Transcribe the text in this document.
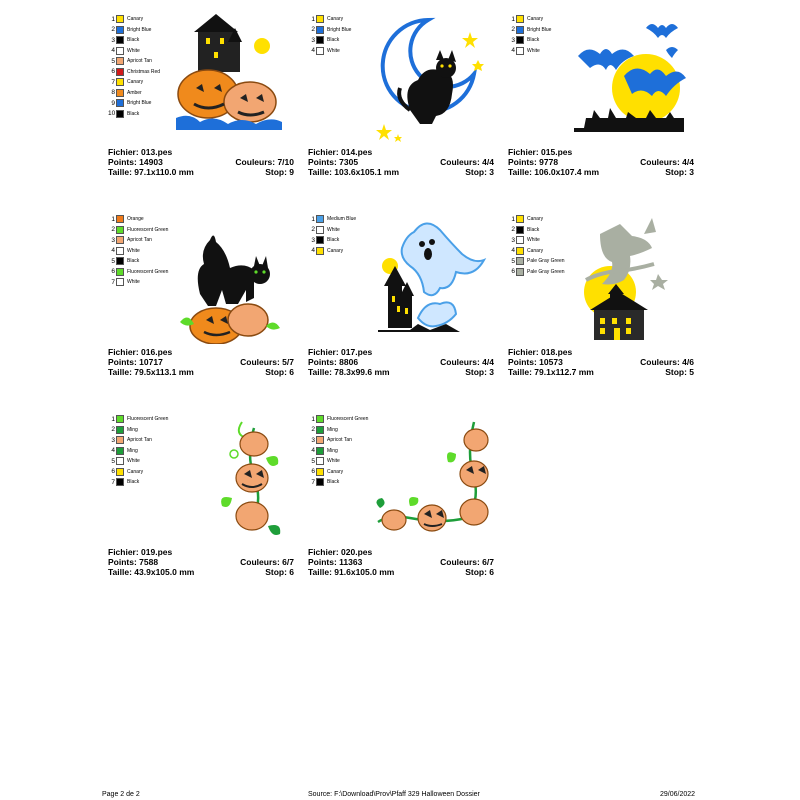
1 Canary
2 Bright Blue
3 Black
4 White
5 Apricot Tan
6 Christmas Red
7 Canary
8 Amber
9 Bright Blue
10 Black
Fichier: 013.pes
Points: 14903	Couleurs: 7/10
Taille: 97.1x110.0 mm	Stop: 9
1 Canary
2 Bright Blue
3 Black
4 White
Fichier: 014.pes
Points: 7305	Couleurs: 4/4
Taille: 103.6x105.1 mm	Stop: 3
1 Canary
2 Bright Blue
3 Black
4 White
Fichier: 015.pes
Points: 9778	Couleurs: 4/4
Taille: 106.0x107.4 mm	Stop: 3
1 Orange
2 Fluorescent Green
3 Apricot Tan
4 White
5 Black
6 Fluorescent Green
7 White
Fichier: 016.pes
Points: 10717	Couleurs: 5/7
Taille: 79.5x113.1 mm	Stop: 6
1 Medium Blue
2 White
3 Black
4 Canary
Fichier: 017.pes
Points: 8806	Couleurs: 4/4
Taille: 78.3x99.6 mm	Stop: 3
1 Canary
2 Black
3 White
4 Canary
5 Pale Gray Green
6 Pale Gray Green
Fichier: 018.pes
Points: 10573	Couleurs: 4/6
Taille: 79.1x112.7 mm	Stop: 5
1 Fluorescent Green
2 Ming
3 Apricot Tan
4 Ming
5 White
6 Canary
7 Black
Fichier: 019.pes
Points: 7588	Couleurs: 6/7
Taille: 43.9x105.0 mm	Stop: 6
1 Fluorescent Green
2 Ming
3 Apricot Tan
4 Ming
5 White
6 Canary
7 Black
Fichier: 020.pes
Points: 11363	Couleurs: 6/7
Taille: 91.6x105.0 mm	Stop: 6
Page 2 de 2	Source: F:\Download\Prov\Pfaff 329 Halloween Dossier	29/06/2022
